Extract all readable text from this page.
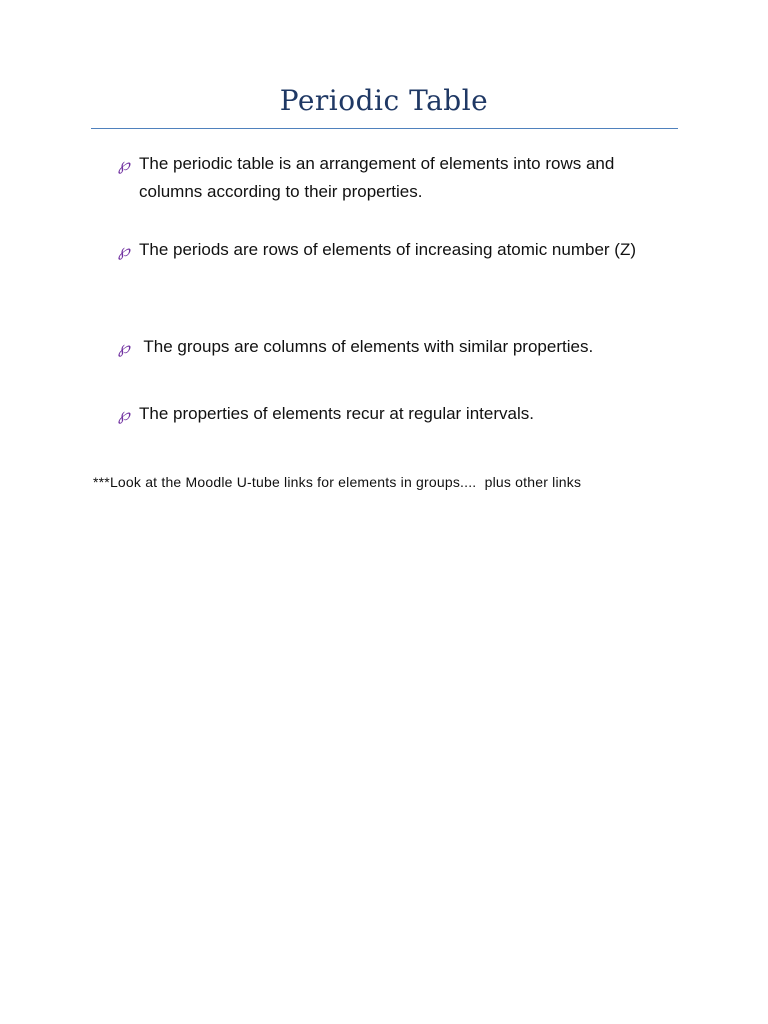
Periodic Table
℘ The periodic table is an arrangement of elements into rows and columns according to their properties.
℘ The periods are rows of elements of increasing atomic number (Z)
℘ The groups are columns of elements with similar properties.
℘ The properties of elements recur at regular intervals.

***Look at the Moodle U-tube links for elements in groups....  plus other links
